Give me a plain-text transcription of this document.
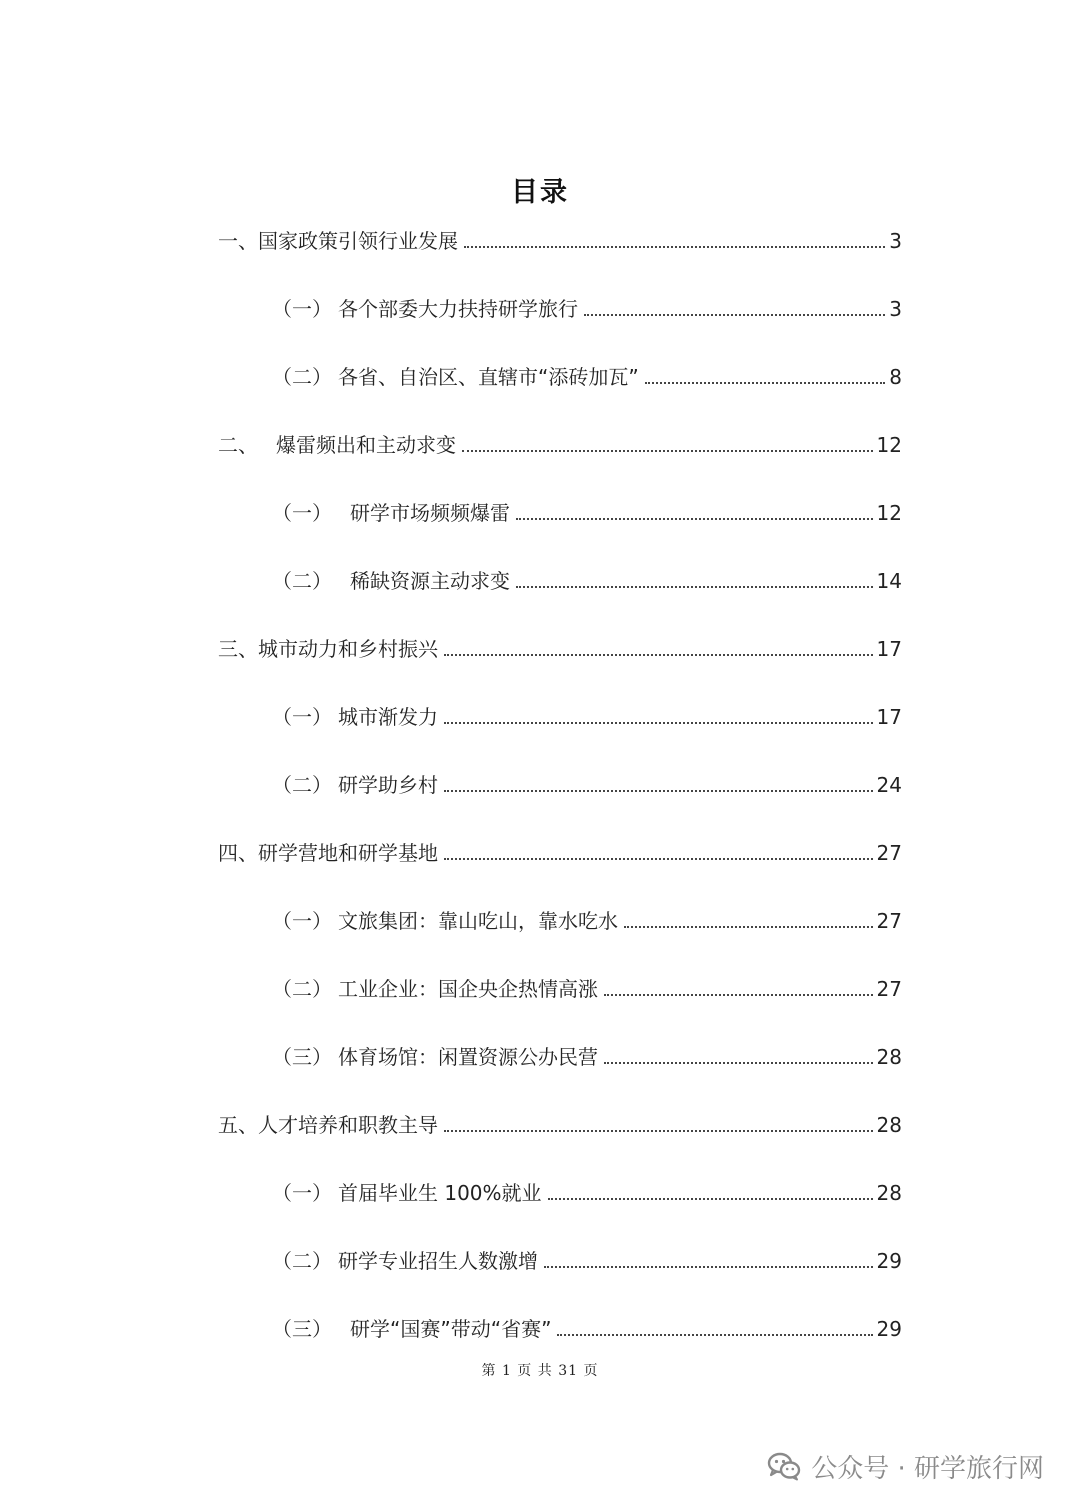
目录
一、国家政策引领行业发展	3
（一） 各个部委大力扶持研学旅行	3
（二） 各省、自治区、直辖市“添砖加瓦”	8
二、 爆雷频出和主动求变	12
（一） 研学市场频频爆雷	12
（二） 稀缺资源主动求变	14
三、城市动力和乡村振兴	17
（一） 城市渐发力	17
（二） 研学助乡村	24
四、研学营地和研学基地	27
（一） 文旅集团：靠山吃山，靠水吃水	27
（二） 工业企业：国企央企热情高涨	27
（三） 体育场馆：闲置资源公办民营	28
五、人才培养和职教主导	28
（一） 首届毕业生 100%就业	28
（二） 研学专业招生人数激增	29
（三） 研学“国赛”带动“省赛”	29
第 1 页 共 31 页
公众号 · 研学旅行网
